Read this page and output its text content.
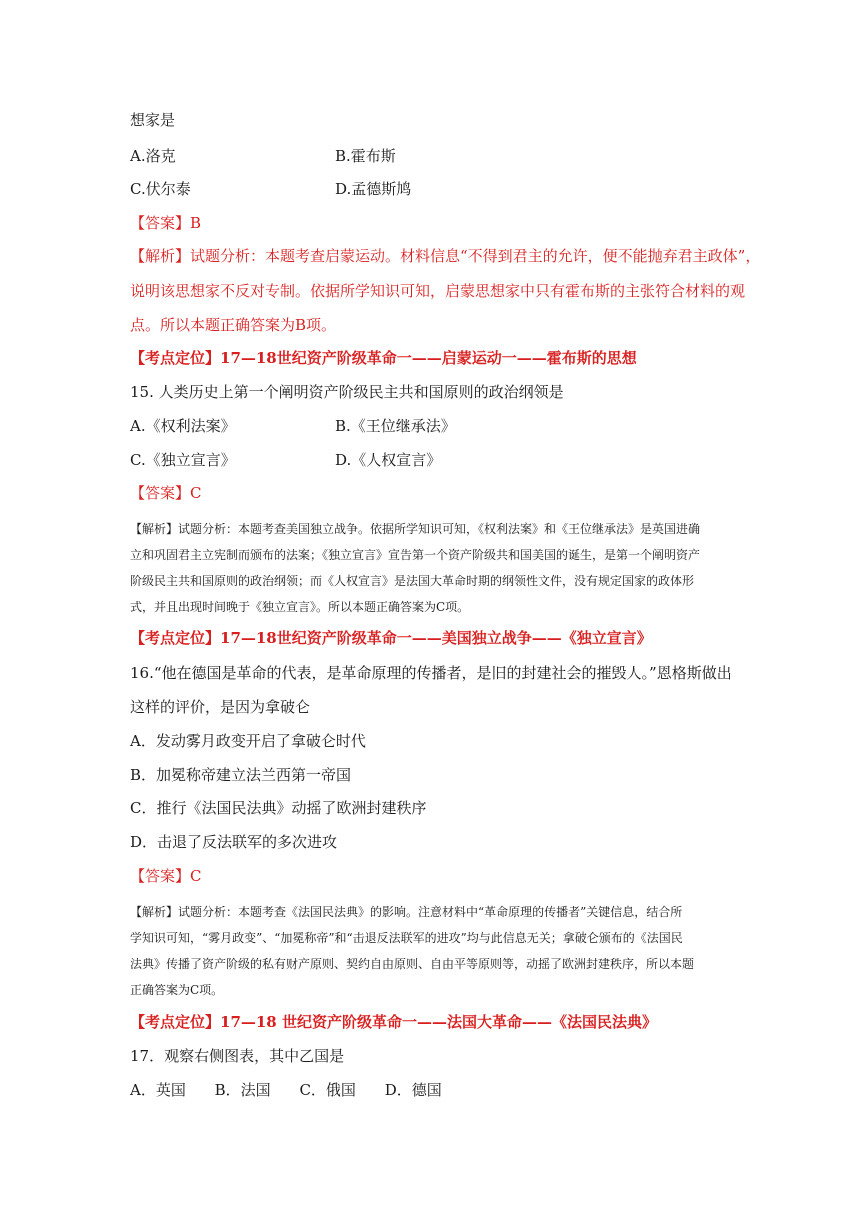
想家是
A.洛克	B.霍布斯
C.伏尔泰	D.孟德斯鸠
【答案】B
【解析】试题分析：本题考查启蒙运动。材料信息“不得到君主的允许，便不能抛弃君主政体”，
说明该思想家不反对专制。依据所学知识可知，启蒙思想家中只有霍布斯的主张符合材料的观
点。所以本题正确答案为B项。
【考点定位】17—18世纪资产阶级革命一——启蒙运动一——霍布斯的思想
15. 人类历史上第一个阐明资产阶级民主共和国原则的政治纲领是
A.《权利法案》	B.《王位继承法》
C.《独立宣言》	D.《人权宣言》
【答案】C
【解析】试题分析：本题考查美国独立战争。依据所学知识可知，《权利法案》和《王位继承法》是英国进确
立和巩固君主立宪制而颁布的法案；《独立宣言》宣告第一个资产阶级共和国美国的诞生，是第一个阐明资产
阶级民主共和国原则的政治纲领；而《人权宣言》是法国大革命时期的纲领性文件，没有规定国家的政体形
式，并且出现时间晚于《独立宣言》。所以本题正确答案为C项。
【考点定位】17—18世纪资产阶级革命一——美国独立战争——《独立宣言》
16.“他在德国是革命的代表，是革命原理的传播者，是旧的封建社会的摧毁人。”恩格斯做出
这样的评价，是因为拿破仑
A．发动雾月政变开启了拿破仑时代
B．加冕称帝建立法兰西第一帝国
C．推行《法国民法典》动摇了欧洲封建秩序
D．击退了反法联军的多次进攻
【答案】C
【解析】试题分析：本题考查《法国民法典》的影响。注意材料中“革命原理的传播者”关键信息，结合所
学知识可知，“雾月政变”、“加冕称帝”和“击退反法联军的进攻”均与此信息无关；拿破仑颁布的《法国民
法典》传播了资产阶级的私有财产原则、契约自由原则、自由平等原则等，动摇了欧洲封建秩序，所以本题
正确答案为C项。
【考点定位】17—18 世纪资产阶级革命一——法国大革命——《法国民法典》
17．观察右侧图表，其中乙国是
A．英国 B．法国 C．俄国 D．德国
